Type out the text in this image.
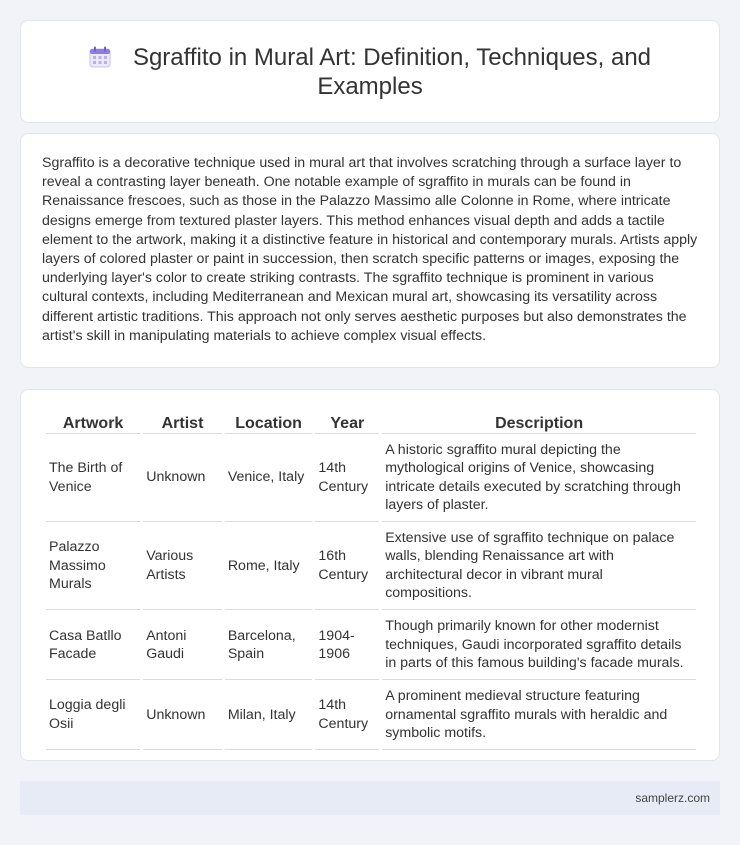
Sgraffito in Mural Art: Definition, Techniques, and Examples

Sgraffito is a decorative technique used in mural art that involves scratching through a surface layer to reveal a contrasting layer beneath. One notable example of sgraffito in murals can be found in Renaissance frescoes, such as those in the Palazzo Massimo alle Colonne in Rome, where intricate designs emerge from textured plaster layers. This method enhances visual depth and adds a tactile element to the artwork, making it a distinctive feature in historical and contemporary murals. Artists apply layers of colored plaster or paint in succession, then scratch specific patterns or images, exposing the underlying layer's color to create striking contrasts. The sgraffito technique is prominent in various cultural contexts, including Mediterranean and Mexican mural art, showcasing its versatility across different artistic traditions. This approach not only serves aesthetic purposes but also demonstrates the artist's skill in manipulating materials to achieve complex visual effects.

Artwork	Artist	Location	Year	Description
The Birth of Venice	Unknown	Venice, Italy	14th Century	A historic sgraffito mural depicting the mythological origins of Venice, showcasing intricate details executed by scratching through layers of plaster.
Palazzo Massimo Murals	Various Artists	Rome, Italy	16th Century	Extensive use of sgraffito technique on palace walls, blending Renaissance art with architectural decor in vibrant mural compositions.
Casa Batllo Facade	Antoni Gaudi	Barcelona, Spain	1904-1906	Though primarily known for other modernist techniques, Gaudi incorporated sgraffito details in parts of this famous building's facade murals.
Loggia degli Osii	Unknown	Milan, Italy	14th Century	A prominent medieval structure featuring ornamental sgraffito murals with heraldic and symbolic motifs.
samplerz.com
